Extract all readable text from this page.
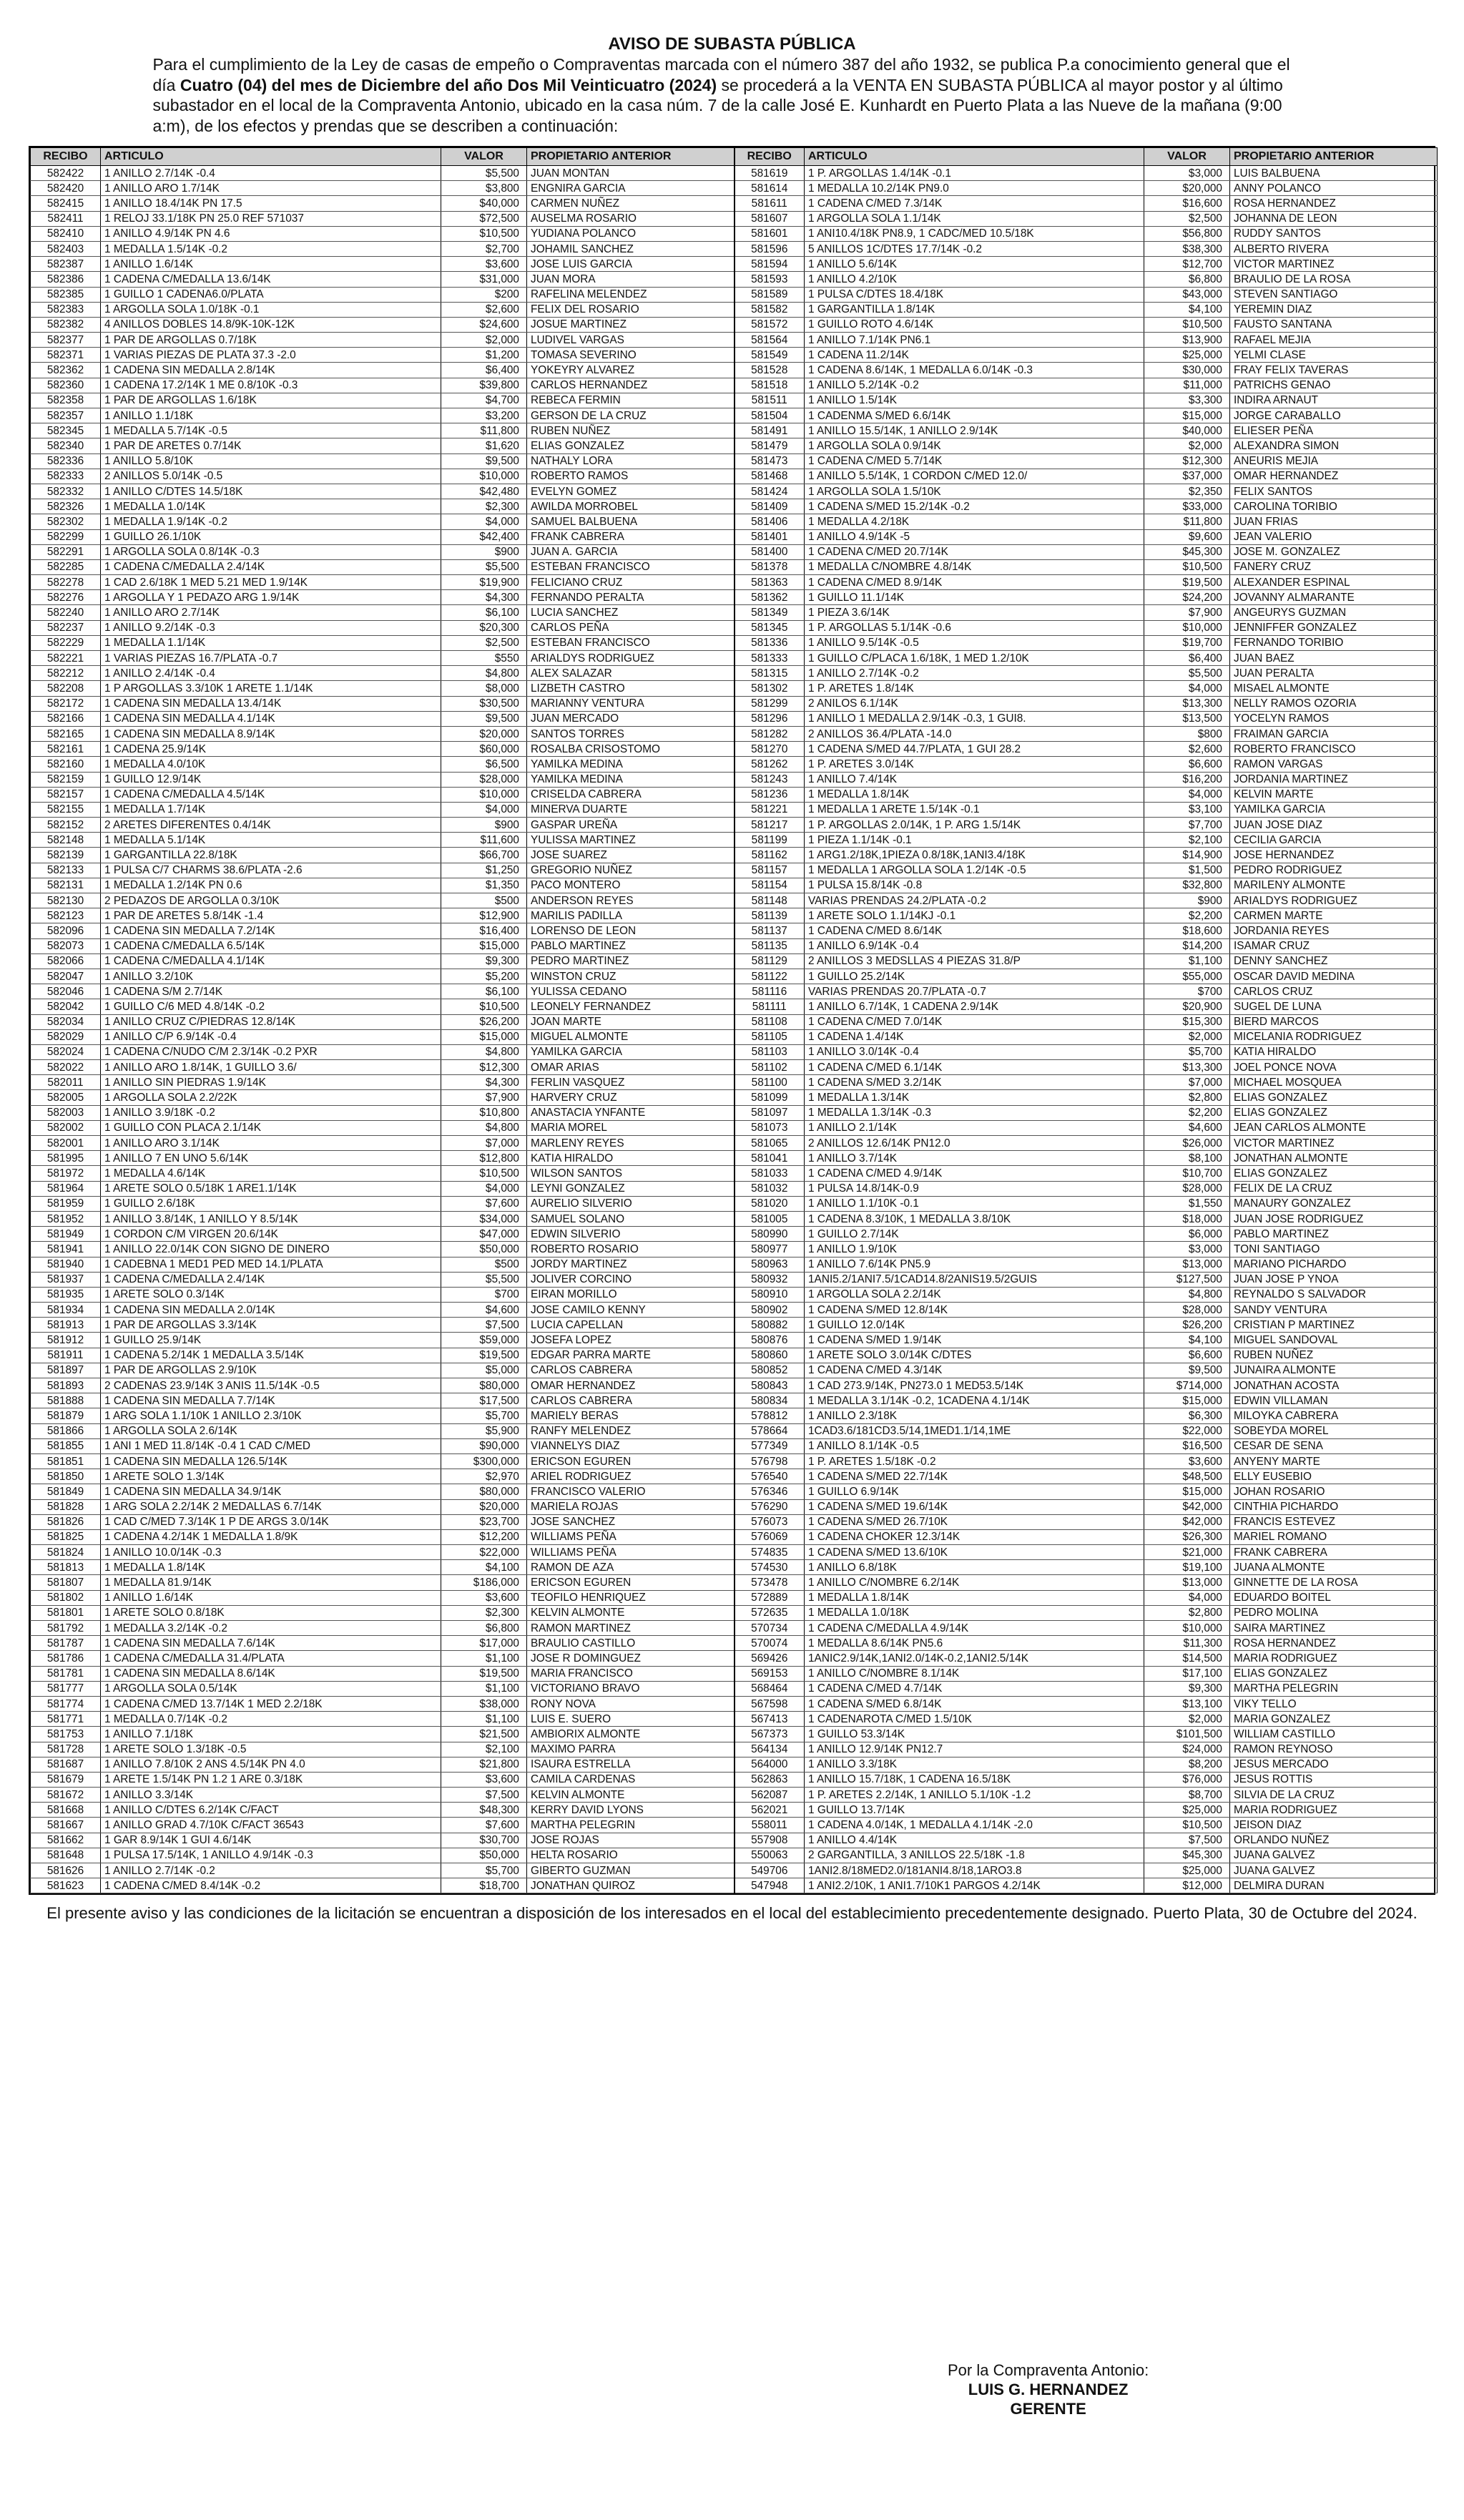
AVISO DE SUBASTA PÚBLICA
Para el cumplimiento de la Ley de casas de empeño o Compraventas marcada con el número 387 del año 1932, se publica P.a conocimiento general que el día Cuatro (04) del mes de Diciembre del año Dos Mil Veinticuatro (2024) se procederá a la VENTA EN SUBASTA PÚBLICA al mayor postor y al último subastador en el local de la Compraventa Antonio, ubicado en la casa núm. 7 de la calle José E. Kunhardt en Puerto Plata a las Nueve de la mañana (9:00 a:m), de los efectos y prendas que se describen a continuación:
RECIBO	ARTICULO	VALOR	PROPIETARIO ANTERIOR	RECIBO	ARTICULO	VALOR	PROPIETARIO ANTERIOR
582422	1 ANILLO 2.7/14K -0.4	$5,500	JUAN MONTAN	581619	1 P. ARGOLLAS 1.4/14K -0.1	$3,000	LUIS BALBUENA
582420	1 ANILLO ARO 1.7/14K	$3,800	ENGNIRA GARCIA	581614	1 MEDALLA 10.2/14K PN9.0	$20,000	ANNY POLANCO
582415	1 ANILLO 18.4/14K PN 17.5	$40,000	CARMEN NUÑEZ	581611	1 CADENA C/MED 7.3/14K	$16,600	ROSA HERNANDEZ
582411	1 RELOJ 33.1/18K PN 25.0 REF 571037	$72,500	AUSELMA ROSARIO	581607	1 ARGOLLA SOLA 1.1/14K	$2,500	JOHANNA DE LEON
582410	1 ANILLO 4.9/14K PN 4.6	$10,500	YUDIANA POLANCO	581601	1 ANI10.4/18K PN8.9, 1 CADC/MED 10.5/18K	$56,800	RUDDY SANTOS
582403	1 MEDALLA 1.5/14K -0.2	$2,700	JOHAMIL SANCHEZ	581596	5 ANILLOS 1C/DTES 17.7/14K -0.2	$38,300	ALBERTO RIVERA
582387	1 ANILLO 1.6/14K	$3,600	JOSE LUIS GARCIA	581594	1 ANILLO 5.6/14K	$12,700	VICTOR MARTINEZ
582386	1 CADENA C/MEDALLA 13.6/14K	$31,000	JUAN MORA	581593	1 ANILLO 4.2/10K	$6,800	BRAULIO DE LA ROSA
582385	1 GUILLO 1 CADENA6.0/PLATA	$200	RAFELINA MELENDEZ	581589	1 PULSA C/DTES 18.4/18K	$43,000	STEVEN SANTIAGO
582383	1 ARGOLLA SOLA 1.0/18K -0.1	$2,600	FELIX DEL ROSARIO	581582	1 GARGANTILLA 1.8/14K	$4,100	YEREMIN DIAZ
582382	4 ANILLOS DOBLES 14.8/9K-10K-12K	$24,600	JOSUE MARTINEZ	581572	1 GUILLO ROTO 4.6/14K	$10,500	FAUSTO SANTANA
582377	1 PAR DE ARGOLLAS 0.7/18K	$2,000	LUDIVEL VARGAS	581564	1 ANILLO 7.1/14K PN6.1	$13,900	RAFAEL MEJIA
582371	1 VARIAS PIEZAS DE PLATA 37.3 -2.0	$1,200	TOMASA SEVERINO	581549	1 CADENA 11.2/14K	$25,000	YELMI CLASE
582362	1 CADENA SIN MEDALLA 2.8/14K	$6,400	YOKEYRY ALVAREZ	581528	1 CADENA 8.6/14K, 1 MEDALLA 6.0/14K -0.3	$30,000	FRAY FELIX TAVERAS
582360	1 CADENA 17.2/14K 1 ME 0.8/10K -0.3	$39,800	CARLOS HERNANDEZ	581518	1 ANILLO 5.2/14K -0.2	$11,000	PATRICHS GENAO
582358	1 PAR DE ARGOLLAS 1.6/18K	$4,700	REBECA FERMIN	581511	1 ANILLO 1.5/14K	$3,300	INDIRA ARNAUT
582357	1 ANILLO 1.1/18K	$3,200	GERSON DE LA CRUZ	581504	1 CADENMA S/MED 6.6/14K	$15,000	JORGE CARABALLO
582345	1 MEDALLA 5.7/14K -0.5	$11,800	RUBEN NUÑEZ	581491	1 ANILLO 15.5/14K, 1 ANILLO 2.9/14K	$40,000	ELIESER PEÑA
582340	1 PAR DE ARETES 0.7/14K	$1,620	ELIAS GONZALEZ	581479	1 ARGOLLA SOLA 0.9/14K	$2,000	ALEXANDRA SIMON
582336	1 ANILLO 5.8/10K	$9,500	NATHALY LORA	581473	1 CADENA C/MED 5.7/14K	$12,300	ANEURIS MEJIA
582333	2 ANILLOS 5.0/14K -0.5	$10,000	ROBERTO RAMOS	581468	1 ANILLO 5.5/14K, 1 CORDON C/MED 12.0/	$37,000	OMAR HERNANDEZ
582332	1 ANILLO C/DTES 14.5/18K	$42,480	EVELYN GOMEZ	581424	1 ARGOLLA SOLA 1.5/10K	$2,350	FELIX SANTOS
582326	1 MEDALLA 1.0/14K	$2,300	AWILDA MORROBEL	581409	1 CADENA S/MED 15.2/14K -0.2	$33,000	CAROLINA TORIBIO
582302	1 MEDALLA 1.9/14K -0.2	$4,000	SAMUEL BALBUENA	581406	1 MEDALLA 4.2/18K	$11,800	JUAN FRIAS
582299	1 GUILLO 26.1/10K	$42,400	FRANK CABRERA	581401	1 ANILLO 4.9/14K -5	$9,600	JEAN VALERIO
582291	1 ARGOLLA SOLA 0.8/14K -0.3	$900	JUAN A. GARCIA	581400	1 CADENA C/MED 20.7/14K	$45,300	JOSE M. GONZALEZ
582285	1 CADENA C/MEDALLA 2.4/14K	$5,500	ESTEBAN FRANCISCO	581378	1 MEDALLA C/NOMBRE 4.8/14K	$10,500	FANERY CRUZ
582278	1 CAD 2.6/18K 1 MED 5.21 MED 1.9/14K	$19,900	FELICIANO CRUZ	581363	1 CADENA C/MED 8.9/14K	$19,500	ALEXANDER ESPINAL
582276	1 ARGOLLA Y 1 PEDAZO ARG 1.9/14K	$4,300	FERNANDO PERALTA	581362	1 GUILLO 11.1/14K	$24,200	JOVANNY ALMARANTE
582240	1 ANILLO ARO 2.7/14K	$6,100	LUCIA SANCHEZ	581349	1 PIEZA 3.6/14K	$7,900	ANGEURYS GUZMAN
582237	1 ANILLO 9.2/14K -0.3	$20,300	CARLOS PEÑA	581345	1 P. ARGOLLAS 5.1/14K -0.6	$10,000	JENNIFFER GONZALEZ
582229	1 MEDALLA 1.1/14K	$2,500	ESTEBAN FRANCISCO	581336	1 ANILLO 9.5/14K -0.5	$19,700	FERNANDO TORIBIO
582221	1 VARIAS PIEZAS 16.7/PLATA -0.7	$550	ARIALDYS RODRIGUEZ	581333	1 GUILLO C/PLACA 1.6/18K, 1 MED 1.2/10K	$6,400	JUAN BAEZ
582212	1 ANILLO 2.4/14K -0.4	$4,800	ALEX SALAZAR	581315	1 ANILLO 2.7/14K -0.2	$5,500	JUAN PERALTA
582208	1 P ARGOLLAS 3.3/10K 1 ARETE 1.1/14K	$8,000	LIZBETH CASTRO	581302	1 P. ARETES 1.8/14K	$4,000	MISAEL ALMONTE
582172	1 CADENA SIN MEDALLA 13.4/14K	$30,500	MARIANNY VENTURA	581299	2 ANILOS 6.1/14K	$13,300	NELLY RAMOS OZORIA
582166	1 CADENA SIN MEDALLA 4.1/14K	$9,500	JUAN MERCADO	581296	1 ANILLO 1 MEDALLA 2.9/14K -0.3, 1 GUI8.	$13,500	YOCELYN RAMOS
582165	1 CADENA SIN MEDALLA 8.9/14K	$20,000	SANTOS TORRES	581282	2 ANILLOS 36.4/PLATA -14.0	$800	FRAIMAN GARCIA
582161	1 CADENA 25.9/14K	$60,000	ROSALBA CRISOSTOMO	581270	1 CADENA S/MED 44.7/PLATA, 1 GUI 28.2	$2,600	ROBERTO FRANCISCO
582160	1 MEDALLA 4.0/10K	$6,500	YAMILKA MEDINA	581262	1 P. ARETES 3.0/14K	$6,600	RAMON VARGAS
582159	1 GUILLO 12.9/14K	$28,000	YAMILKA MEDINA	581243	1 ANILLO 7.4/14K	$16,200	JORDANIA MARTINEZ
582157	1 CADENA C/MEDALLA 4.5/14K	$10,000	CRISELDA CABRERA	581236	1 MEDALLA 1.8/14K	$4,000	KELVIN MARTE
582155	1 MEDALLA 1.7/14K	$4,000	MINERVA DUARTE	581221	1 MEDALLA 1 ARETE 1.5/14K -0.1	$3,100	YAMILKA GARCIA
582152	2 ARETES DIFERENTES 0.4/14K	$900	GASPAR UREÑA	581217	1 P. ARGOLLAS 2.0/14K, 1 P. ARG 1.5/14K	$7,700	JUAN JOSE DIAZ
582148	1 MEDALLA 5.1/14K	$11,600	YULISSA MARTINEZ	581199	1 PIEZA 1.1/14K -0.1	$2,100	CECILIA GARCIA
582139	1 GARGANTILLA 22.8/18K	$66,700	JOSE SUAREZ	581162	1 ARG1.2/18K,1PIEZA 0.8/18K,1ANI3.4/18K	$14,900	JOSE HERNANDEZ
582133	1 PULSA C/7 CHARMS 38.6/PLATA -2.6	$1,250	GREGORIO NUÑEZ	581157	1 MEDALLA 1 ARGOLLA SOLA 1.2/14K -0.5	$1,500	PEDRO RODRIGUEZ
582131	1 MEDALLA 1.2/14K PN 0.6	$1,350	PACO MONTERO	581154	1 PULSA 15.8/14K -0.8	$32,800	MARILENY ALMONTE
582130	2 PEDAZOS DE ARGOLLA 0.3/10K	$500	ANDERSON REYES	581148	VARIAS PRENDAS 24.2/PLATA -0.2	$900	ARIALDYS RODRIGUEZ
582123	1 PAR DE ARETES 5.8/14K -1.4	$12,900	MARILIS PADILLA	581139	1 ARETE SOLO 1.1/14KJ -0.1	$2,200	CARMEN MARTE
582096	1 CADENA SIN MEDALLA 7.2/14K	$16,400	LORENSO DE LEON	581137	1 CADENA C/MED 8.6/14K	$18,600	JORDANIA REYES
582073	1 CADENA C/MEDALLA 6.5/14K	$15,000	PABLO MARTINEZ	581135	1 ANILLO 6.9/14K -0.4	$14,200	ISAMAR CRUZ
582066	1 CADENA C/MEDALLA 4.1/14K	$9,300	PEDRO MARTINEZ	581129	2 ANILLOS 3 MEDSLLAS 4 PIEZAS 31.8/P	$1,100	DENNY SANCHEZ
582047	1 ANILLO 3.2/10K	$5,200	WINSTON CRUZ	581122	1 GUILLO 25.2/14K	$55,000	OSCAR DAVID MEDINA
582046	1 CADENA S/M 2.7/14K	$6,100	YULISSA CEDANO	581116	VARIAS PRENDAS 20.7/PLATA -0.7	$700	CARLOS CRUZ
582042	1 GUILLO C/6 MED 4.8/14K -0.2	$10,500	LEONELY FERNANDEZ	581111	1 ANILLO 6.7/14K, 1 CADENA 2.9/14K	$20,900	SUGEL DE LUNA
582034	1 ANILLO CRUZ C/PIEDRAS 12.8/14K	$26,200	JOAN MARTE	581108	1 CADENA C/MED 7.0/14K	$15,300	BIERD MARCOS
582029	1 ANILLO C/P 6.9/14K -0.4	$15,000	MIGUEL ALMONTE	581105	1 CADENA 1.4/14K	$2,000	MICELANIA RODRIGUEZ
582024	1 CADENA C/NUDO C/M 2.3/14K -0.2 PXR	$4,800	YAMILKA GARCIA	581103	1 ANILLO 3.0/14K -0.4	$5,700	KATIA HIRALDO
582022	1 ANILLO ARO 1.8/14K, 1 GUILLO 3.6/	$12,300	OMAR ARIAS	581102	1 CADENA C/MED 6.1/14K	$13,300	JOEL PONCE NOVA
582011	1 ANILLO SIN PIEDRAS 1.9/14K	$4,300	FERLIN VASQUEZ	581100	1 CADENA S/MED 3.2/14K	$7,000	MICHAEL MOSQUEA
582005	1 ARGOLLA SOLA 2.2/22K	$7,900	HARVERY CRUZ	581099	1 MEDALLA 1.3/14K	$2,800	ELIAS GONZALEZ
582003	1 ANILLO 3.9/18K -0.2	$10,800	ANASTACIA YNFANTE	581097	1 MEDALLA 1.3/14K -0.3	$2,200	ELIAS GONZALEZ
582002	1 GUILLO CON PLACA 2.1/14K	$4,800	MARIA MOREL	581073	1 ANILLO 2.1/14K	$4,600	JEAN CARLOS ALMONTE
582001	1 ANILLO ARO 3.1/14K	$7,000	MARLENY REYES	581065	2 ANILLOS 12.6/14K PN12.0	$26,000	VICTOR MARTINEZ
581995	1 ANILLO 7 EN UNO 5.6/14K	$12,800	KATIA HIRALDO	581041	1 ANILLO 3.7/14K	$8,100	JONATHAN ALMONTE
581972	1 MEDALLA 4.6/14K	$10,500	WILSON SANTOS	581033	1 CADENA C/MED 4.9/14K	$10,700	ELIAS GONZALEZ
581964	1 ARETE SOLO 0.5/18K 1 ARE1.1/14K	$4,000	LEYNI GONZALEZ	581032	1 PULSA 14.8/14K-0.9	$28,000	FELIX DE LA CRUZ
581959	1 GUILLO 2.6/18K	$7,600	AURELIO SILVERIO	581020	1 ANILLO 1.1/10K -0.1	$1,550	MANAURY GONZALEZ
581952	1 ANILLO 3.8/14K, 1 ANILLO Y 8.5/14K	$34,000	SAMUEL SOLANO	581005	1 CADENA 8.3/10K, 1 MEDALLA 3.8/10K	$18,000	JUAN JOSE RODRIGUEZ
581949	1 CORDON C/M VIRGEN 20.6/14K	$47,000	EDWIN SILVERIO	580990	1 GUILLO 2.7/14K	$6,000	PABLO MARTINEZ
581941	1 ANILLO 22.0/14K CON SIGNO DE DINERO	$50,000	ROBERTO ROSARIO	580977	1 ANILLO 1.9/10K	$3,000	TONI SANTIAGO
581940	1 CADEBNA 1 MED1 PED MED 14.1/PLATA	$500	JORDY MARTINEZ	580963	1 ANILLO 7.6/14K PN5.9	$13,000	MARIANO PICHARDO
581937	1 CADENA C/MEDALLA 2.4/14K	$5,500	JOLIVER CORCINO	580932	1ANI5.2/1ANI7.5/1CAD14.8/2ANIS19.5/2GUIS	$127,500	JUAN JOSE P YNOA
581935	1 ARETE SOLO 0.3/14K	$700	EIRAN MORILLO	580910	1 ARGOLLA SOLA 2.2/14K	$4,800	REYNALDO S SALVADOR
581934	1 CADENA SIN MEDALLA 2.0/14K	$4,600	JOSE CAMILO KENNY	580902	1 CADENA S/MED 12.8/14K	$28,000	SANDY VENTURA
581913	1 PAR DE ARGOLLAS 3.3/14K	$7,500	LUCIA CAPELLAN	580882	1 GUILLO 12.0/14K	$26,200	CRISTIAN P MARTINEZ
581912	1 GUILLO 25.9/14K	$59,000	JOSEFA LOPEZ	580876	1 CADENA S/MED 1.9/14K	$4,100	MIGUEL SANDOVAL
581911	1 CADENA 5.2/14K 1 MEDALLA 3.5/14K	$19,500	EDGAR PARRA MARTE	580860	1 ARETE SOLO 3.0/14K C/DTES	$6,600	RUBEN NUÑEZ
581897	1 PAR DE ARGOLLAS 2.9/10K	$5,000	CARLOS CABRERA	580852	1 CADENA C/MED 4.3/14K	$9,500	JUNAIRA ALMONTE
581893	2 CADENAS 23.9/14K 3 ANIS 11.5/14K -0.5	$80,000	OMAR HERNANDEZ	580843	1 CAD 273.9/14K, PN273.0 1 MED53.5/14K	$714,000	JONATHAN ACOSTA
581888	1 CADENA SIN MEDALLA 7.7/14K	$17,500	CARLOS CABRERA	580834	1 MEDALLA 3.1/14K -0.2, 1CADENA 4.1/14K	$15,000	EDWIN VILLAMAN
581879	1 ARG SOLA 1.1/10K 1 ANILLO 2.3/10K	$5,700	MARIELY BERAS	578812	1 ANILLO 2.3/18K	$6,300	MILOYKA CABRERA
581866	1 ARGOLLA SOLA 2.6/14K	$5,900	RANFY MELENDEZ	578664	1CAD3.6/181CD3.5/14,1MED1.1/14,1ME	$22,000	SOBEYDA MOREL
581855	1 ANI 1 MED 11.8/14K -0.4 1 CAD C/MED	$90,000	VIANNELYS DIAZ	577349	1 ANILLO 8.1/14K -0.5	$16,500	CESAR DE SENA
581851	1 CADENA SIN MEDALLA 126.5/14K	$300,000	ERICSON EGUREN	576798	1 P. ARETES 1.5/18K -0.2	$3,600	ANYENY MARTE
581850	1 ARETE SOLO 1.3/14K	$2,970	ARIEL RODRIGUEZ	576540	1 CADENA S/MED 22.7/14K	$48,500	ELLY EUSEBIO
581849	1 CADENA SIN MEDALLA 34.9/14K	$80,000	FRANCISCO VALERIO	576346	1 GUILLO 6.9/14K	$15,000	JOHAN ROSARIO
581828	1 ARG SOLA 2.2/14K 2 MEDALLAS 6.7/14K	$20,000	MARIELA ROJAS	576290	1 CADENA S/MED 19.6/14K	$42,000	CINTHIA PICHARDO
581826	1 CAD C/MED 7.3/14K 1 P DE ARGS 3.0/14K	$23,700	JOSE SANCHEZ	576073	1 CADENA S/MED 26.7/10K	$42,000	FRANCIS ESTEVEZ
581825	1 CADENA 4.2/14K 1 MEDALLA 1.8/9K	$12,200	WILLIAMS PEÑA	576069	1 CADENA CHOKER 12.3/14K	$26,300	MARIEL ROMANO
581824	1 ANILLO 10.0/14K -0.3	$22,000	WILLIAMS PEÑA	574835	1 CADENA S/MED 13.6/10K	$21,000	FRANK CABRERA
581813	1 MEDALLA 1.8/14K	$4,100	RAMON DE AZA	574530	1 ANILLO 6.8/18K	$19,100	JUANA ALMONTE
581807	1 MEDALLA 81.9/14K	$186,000	ERICSON EGUREN	573478	1 ANILLO C/NOMBRE 6.2/14K	$13,000	GINNETTE DE LA ROSA
581802	1 ANILLO 1.6/14K	$3,600	TEOFILO HENRIQUEZ	572889	1 MEDALLA 1.8/14K	$4,000	EDUARDO BOITEL
581801	1 ARETE SOLO 0.8/18K	$2,300	KELVIN ALMONTE	572635	1 MEDALLA 1.0/18K	$2,800	PEDRO MOLINA
581792	1 MEDALLA 3.2/14K -0.2	$6,800	RAMON MARTINEZ	570734	1 CADENA C/MEDALLA 4.9/14K	$10,000	SAIRA MARTINEZ
581787	1 CADENA SIN MEDALLA 7.6/14K	$17,000	BRAULIO CASTILLO	570074	1 MEDALLA 8.6/14K PN5.6	$11,300	ROSA HERNANDEZ
581786	1 CADENA C/MEDALLA 31.4/PLATA	$1,100	JOSE R DOMINGUEZ	569426	1ANIC2.9/14K,1ANI2.0/14K-0.2,1ANI2.5/14K	$14,500	MARIA RODRIGUEZ
581781	1 CADENA SIN MEDALLA 8.6/14K	$19,500	MARIA FRANCISCO	569153	1 ANILLO C/NOMBRE 8.1/14K	$17,100	ELIAS GONZALEZ
581777	1 ARGOLLA SOLA 0.5/14K	$1,100	VICTORIANO BRAVO	568464	1 CADENA C/MED 4.7/14K	$9,300	MARTHA PELEGRIN
581774	1 CADENA C/MED 13.7/14K 1 MED 2.2/18K	$38,000	RONY NOVA	567598	1 CADENA S/MED 6.8/14K	$13,100	VIKY TELLO
581771	1 MEDALLA 0.7/14K -0.2	$1,100	LUIS E. SUERO	567413	1 CADENAROTA C/MED 1.5/10K	$2,000	MARIA GONZALEZ
581753	1 ANILLO 7.1/18K	$21,500	AMBIORIX ALMONTE	567373	1 GUILLO 53.3/14K	$101,500	WILLIAM CASTILLO
581728	1 ARETE SOLO 1.3/18K -0.5	$2,100	MAXIMO PARRA	564134	1 ANILLO 12.9/14K PN12.7	$24,000	RAMON REYNOSO
581687	1 ANILLO 7.8/10K 2 ANS 4.5/14K PN 4.0	$21,800	ISAURA ESTRELLA	564000	1 ANILLO 3.3/18K	$8,200	JESUS MERCADO
581679	1 ARETE 1.5/14K PN 1.2 1 ARE 0.3/18K	$3,600	CAMILA CARDENAS	562863	1 ANILLO 15.7/18K, 1 CADENA 16.5/18K	$76,000	JESUS ROTTIS
581672	1 ANILLO 3.3/14K	$7,500	KELVIN ALMONTE	562087	1 P. ARETES 2.2/14K, 1 ANILLO 5.1/10K -1.2	$8,700	SILVIA DE LA CRUZ
581668	1 ANILLO C/DTES 6.2/14K C/FACT	$48,300	KERRY DAVID LYONS	562021	1 GUILLO 13.7/14K	$25,000	MARIA RODRIGUEZ
581667	1 ANILLO GRAD 4.7/10K C/FACT 36543	$7,600	MARTHA PELEGRIN	558011	1 CADENA 4.0/14K, 1 MEDALLA 4.1/14K -2.0	$10,500	JEISON DIAZ
581662	1 GAR 8.9/14K 1 GUI 4.6/14K	$30,700	JOSE ROJAS	557908	1 ANILLO 4.4/14K	$7,500	ORLANDO NUÑEZ
581648	1 PULSA 17.5/14K, 1 ANILLO 4.9/14K -0.3	$50,000	HELTA ROSARIO	550063	2 GARGANTILLA, 3 ANILLOS 22.5/18K -1.8	$45,300	JUANA GALVEZ
581626	1 ANILLO 2.7/14K -0.2	$5,700	GIBERTO GUZMAN	549706	1ANI2.8/18MED2.0/181ANI4.8/18,1ARO3.8	$25,000	JUANA GALVEZ
581623	1 CADENA C/MED 8.4/14K -0.2	$18,700	JONATHAN QUIROZ	547948	1 ANI2.2/10K, 1 ANI1.7/10K1 PARGOS 4.2/14K	$12,000	DELMIRA DURAN
El presente aviso y las condiciones de la licitación se encuentran a disposición de los interesados en el local del establecimiento precedentemente designado. Puerto Plata, 30 de Octubre del 2024.
Por la Compraventa Antonio:
LUIS G. HERNANDEZ
GERENTE
